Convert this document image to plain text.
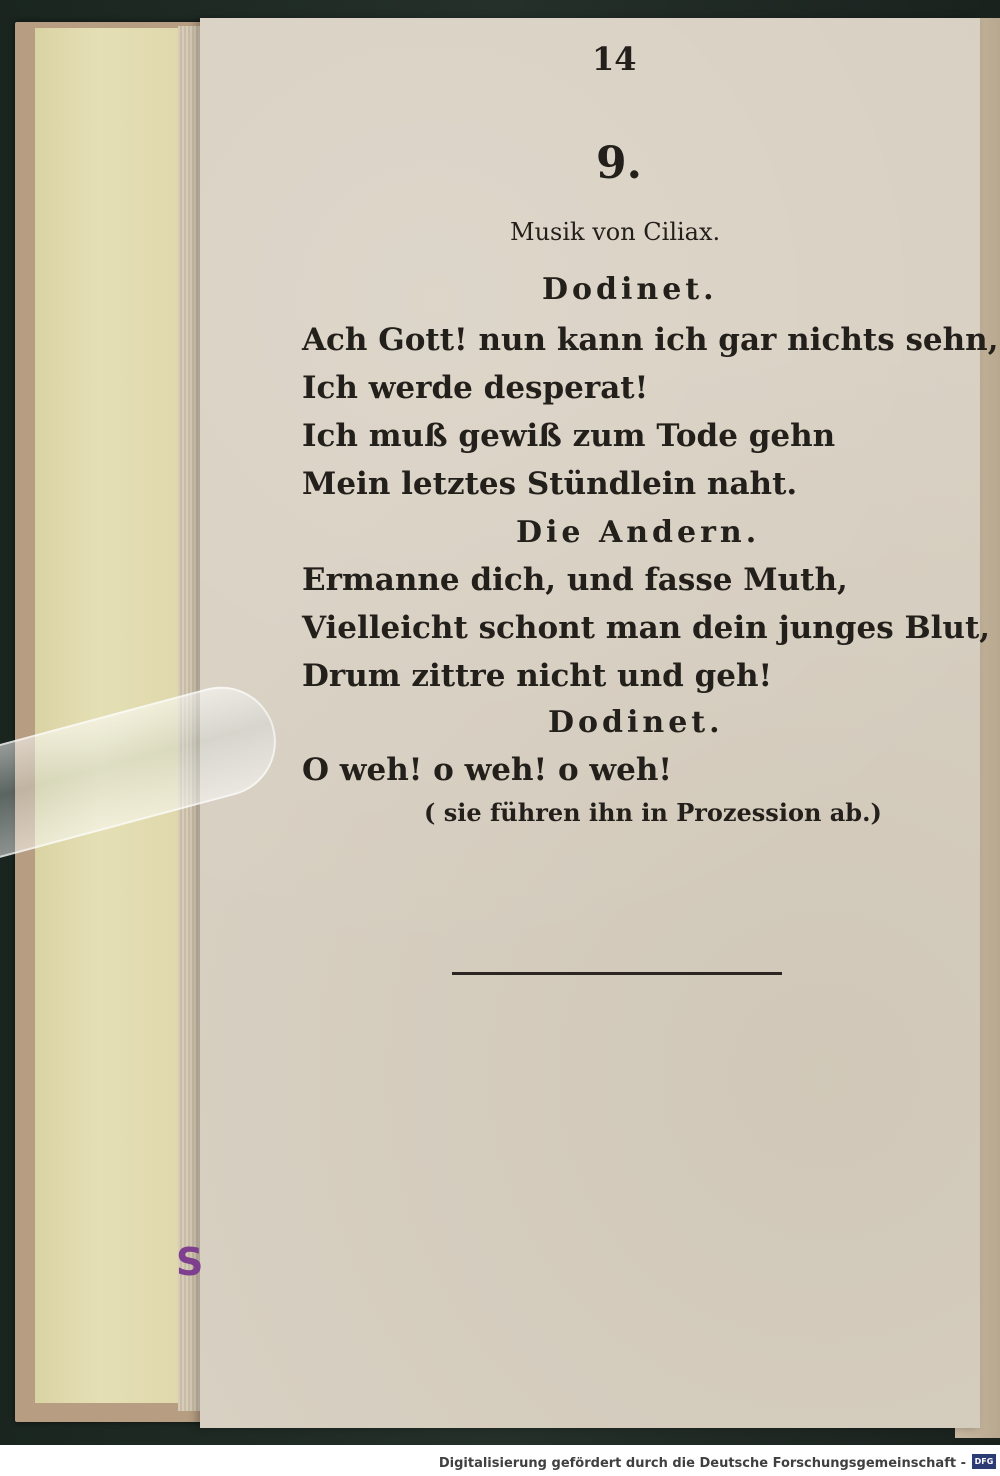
14
9.
Musik von Ciliax.
Dodinet.
Ach Gott! nun kann ich gar nichts sehn,
Ich werde desperat!
Ich muß gewiß zum Tode gehn
Mein letztes Stündlein naht.
Die Andern.
Ermanne dich, und fasse Muth,
Vielleicht schont man dein junges Blut,
Drum zittre nicht und geh!
Dodinet.
O weh! o weh! o weh!
( sie führen ihn in Prozession ab.)
S
Digitalisierung gefördert durch die Deutsche Forschungsgemeinschaft -	DFG
